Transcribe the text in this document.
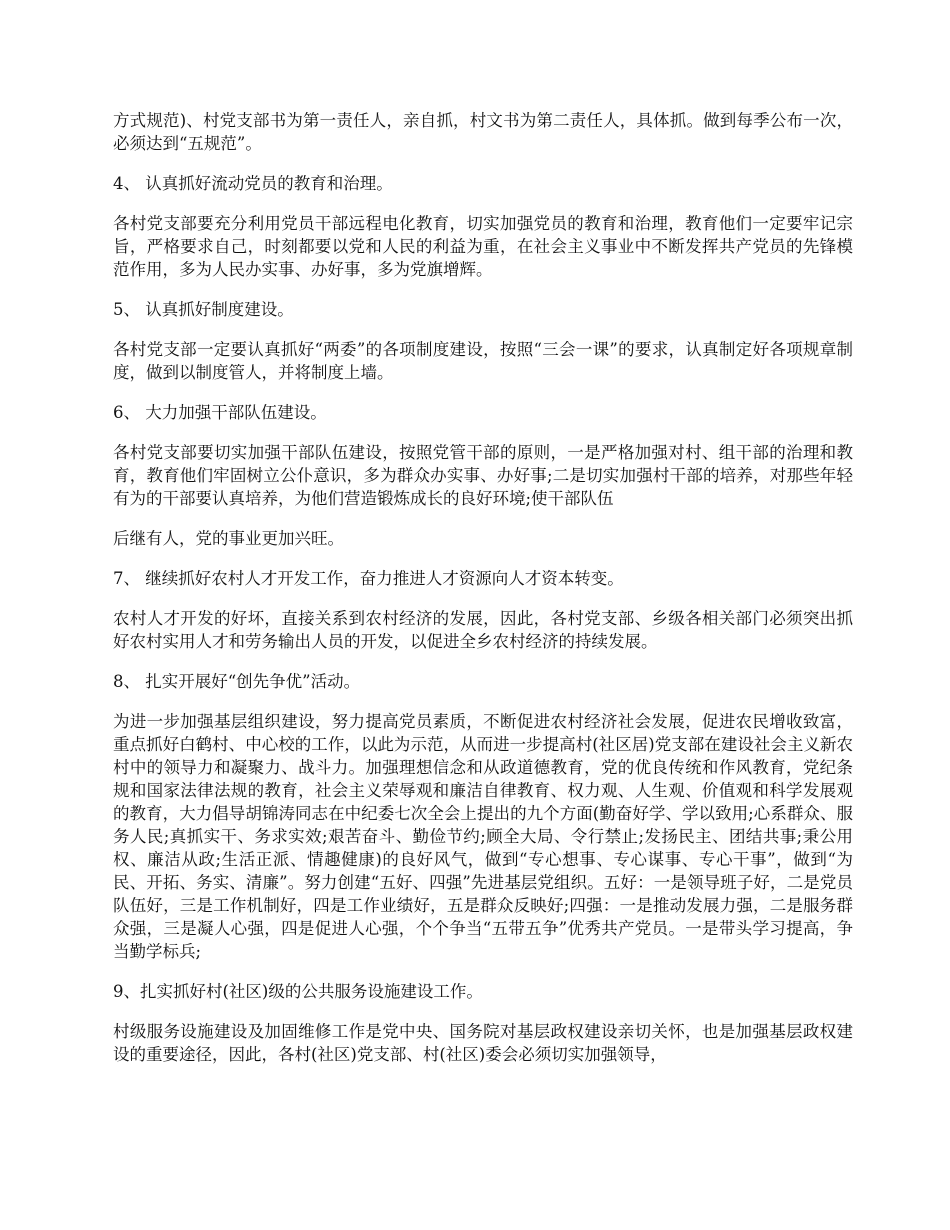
方式规范)、村党支部书为第一责任人，亲自抓，村文书为第二责任人，具体抓。做到每季公布一次，必须达到“五规范”。

4、 认真抓好流动党员的教育和治理。

各村党支部要充分利用党员干部远程电化教育，切实加强党员的教育和治理，教育他们一定要牢记宗旨，严格要求自己，时刻都要以党和人民的利益为重，在社会主义事业中不断发挥共产党员的先锋模范作用，多为人民办实事、办好事，多为党旗增辉。

5、 认真抓好制度建设。

各村党支部一定要认真抓好“两委”的各项制度建设，按照“三会一课”的要求，认真制定好各项规章制度，做到以制度管人，并将制度上墙。

6、 大力加强干部队伍建设。

各村党支部要切实加强干部队伍建设，按照党管干部的原则，一是严格加强对村、组干部的治理和教育，教育他们牢固树立公仆意识，多为群众办实事、办好事;二是切实加强村干部的培养，对那些年轻有为的干部要认真培养，为他们营造锻炼成长的良好环境;使干部队伍

后继有人，党的事业更加兴旺。

7、 继续抓好农村人才开发工作，奋力推进人才资源向人才资本转变。

农村人才开发的好坏，直接关系到农村经济的发展，因此，各村党支部、乡级各相关部门必须突出抓好农村实用人才和劳务输出人员的开发，以促进全乡农村经济的持续发展。

8、 扎实开展好“创先争优”活动。

为进一步加强基层组织建设，努力提高党员素质，不断促进农村经济社会发展，促进农民增收致富，重点抓好白鹤村、中心校的工作，以此为示范，从而进一步提高村(社区居)党支部在建设社会主义新农村中的领导力和凝聚力、战斗力。加强理想信念和从政道德教育，党的优良传统和作风教育，党纪条规和国家法律法规的教育，社会主义荣辱观和廉洁自律教育、权力观、人生观、价值观和科学发展观的教育，大力倡导胡锦涛同志在中纪委七次全会上提出的九个方面(勤奋好学、学以致用;心系群众、服务人民;真抓实干、务求实效;艰苦奋斗、勤俭节约;顾全大局、令行禁止;发扬民主、团结共事;秉公用权、廉洁从政;生活正派、情趣健康)的良好风气，做到“专心想事、专心谋事、专心干事”，做到“为民、开拓、务实、清廉”。努力创建“五好、四强”先进基层党组织。五好：一是领导班子好，二是党员队伍好，三是工作机制好，四是工作业绩好，五是群众反映好;四强：一是推动发展力强，二是服务群众强，三是凝人心强，四是促进人心强，个个争当“五带五争”优秀共产党员。一是带头学习提高，争当勤学标兵;

9、扎实抓好村(社区)级的公共服务设施建设工作。

村级服务设施建设及加固维修工作是党中央、国务院对基层政权建设亲切关怀，也是加强基层政权建设的重要途径，因此，各村(社区)党支部、村(社区)委会必须切实加强领导，
